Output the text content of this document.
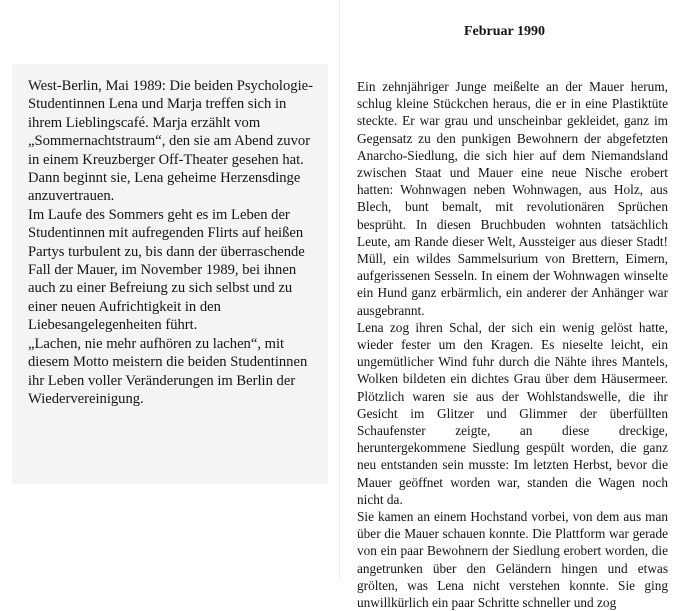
West-Berlin, Mai 1989: Die beiden Psychologie-Studentinnen Lena und Marja treffen sich in ihrem Lieblingscafé. Marja erzählt vom „Sommernachtstraum“, den sie am Abend zuvor in einem Kreuzberger Off-Theater gesehen hat. Dann beginnt sie, Lena geheime Herzensdinge anzuvertrauen.

Im Laufe des Sommers geht es im Leben der Studentinnen mit aufregenden Flirts auf heißen Partys turbulent zu, bis dann der überraschende Fall der Mauer, im November 1989, bei ihnen auch zu einer Befreiung zu sich selbst und zu einer neuen Aufrichtigkeit in den Liebesangelegenheiten führt.

„Lachen, nie mehr aufhören zu lachen“, mit diesem Motto meistern die beiden Studentinnen ihr Leben voller Veränderungen im Berlin der Wiedervereinigung.

Februar 1990

Ein zehnjähriger Junge meißelte an der Mauer herum, schlug kleine Stückchen heraus, die er in eine Plastiktüte steckte. Er war grau und unscheinbar gekleidet, ganz im Gegensatz zu den punkigen Bewohnern der abgefetzten Anarcho-Siedlung, die sich hier auf dem Niemandsland zwischen Staat und Mauer eine neue Nische erobert hatten: Wohnwagen neben Wohnwagen, aus Holz, aus Blech, bunt bemalt, mit revolutionären Sprüchen besprüht. In diesen Bruchbuden wohnten tatsächlich Leute, am Rande dieser Welt, Aussteiger aus dieser Stadt! Müll, ein wildes Sammelsurium von Brettern, Eimern, aufgerissenen Sesseln. In einem der Wohnwagen winselte ein Hund ganz erbärmlich, ein anderer der Anhänger war ausgebrannt.

Lena zog ihren Schal, der sich ein wenig gelöst hatte, wieder fester um den Kragen. Es nieselte leicht, ein ungemütlicher Wind fuhr durch die Nähte ihres Mantels, Wolken bildeten ein dichtes Grau über dem Häusermeer. Plötzlich waren sie aus der Wohlstandswelle, die ihr Gesicht im Glitzer und Glimmer der überfüllten Schaufenster zeigte, an diese dreckige, heruntergekommene Siedlung gespült worden, die ganz neu entstanden sein musste: Im letzten Herbst, bevor die Mauer geöffnet worden war, standen die Wagen noch nicht da.

Sie kamen an einem Hochstand vorbei, von dem aus man über die Mauer schauen konnte. Die Plattform war gerade von ein paar Bewohnern der Siedlung erobert worden, die angetrunken über den Geländern hingen und etwas grölten, was Lena nicht verstehen konnte. Sie ging unwillkürlich ein paar Schritte schneller und zog
